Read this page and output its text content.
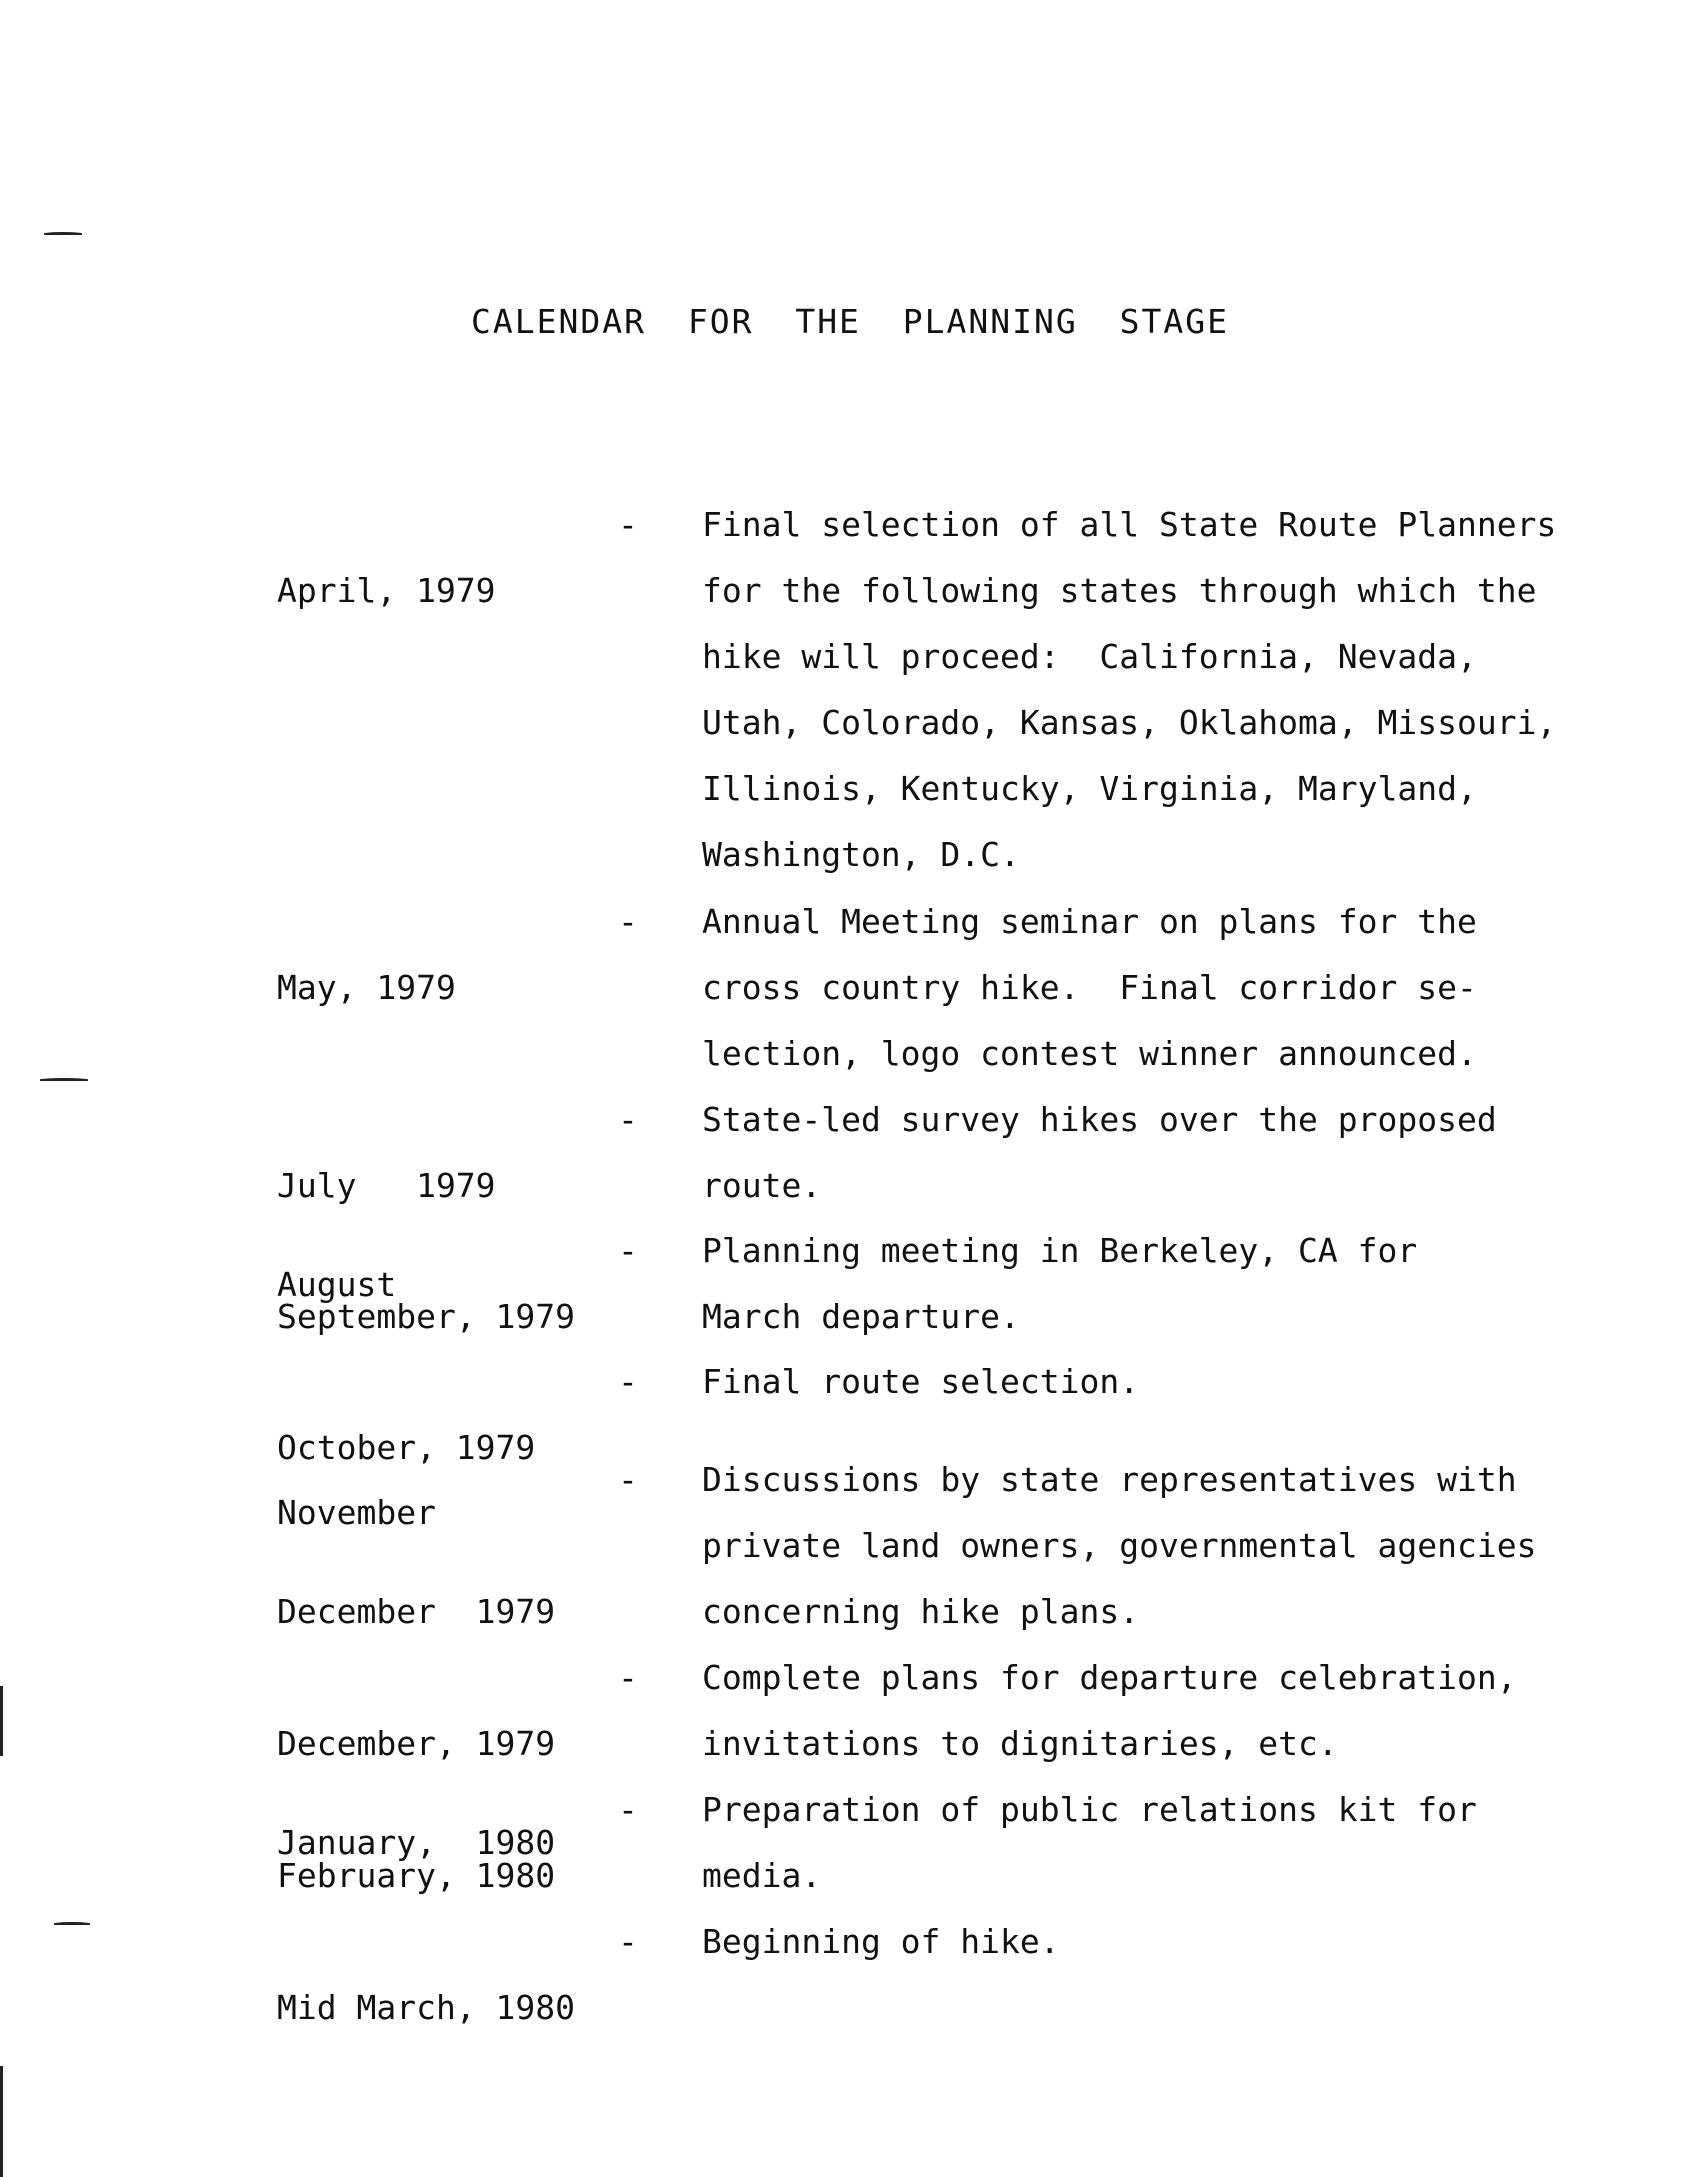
CALENDAR FOR THE PLANNING STAGE

April, 1979

- Final selection of all State Route Planners
for the following states through which the
hike will proceed:  California, Nevada,
Utah, Colorado, Kansas, Oklahoma, Missouri,
Illinois, Kentucky, Virginia, Maryland,
Washington, D.C.

May, 1979

- Annual Meeting seminar on plans for the
cross country hike.  Final corridor se-
lection, logo contest winner announced.

July   1979

August

- State-led survey hikes over the proposed
route.

September, 1979

- Planning meeting in Berkeley, CA for
March departure.

October, 1979

- Final route selection.

November

December  1979

- Discussions by state representatives with
private land owners, governmental agencies
concerning hike plans.

December, 1979

January,  1980

- Complete plans for departure celebration,
invitations to dignitaries, etc.

February, 1980

- Preparation of public relations kit for
media.

Mid March, 1980

- Beginning of hike.
